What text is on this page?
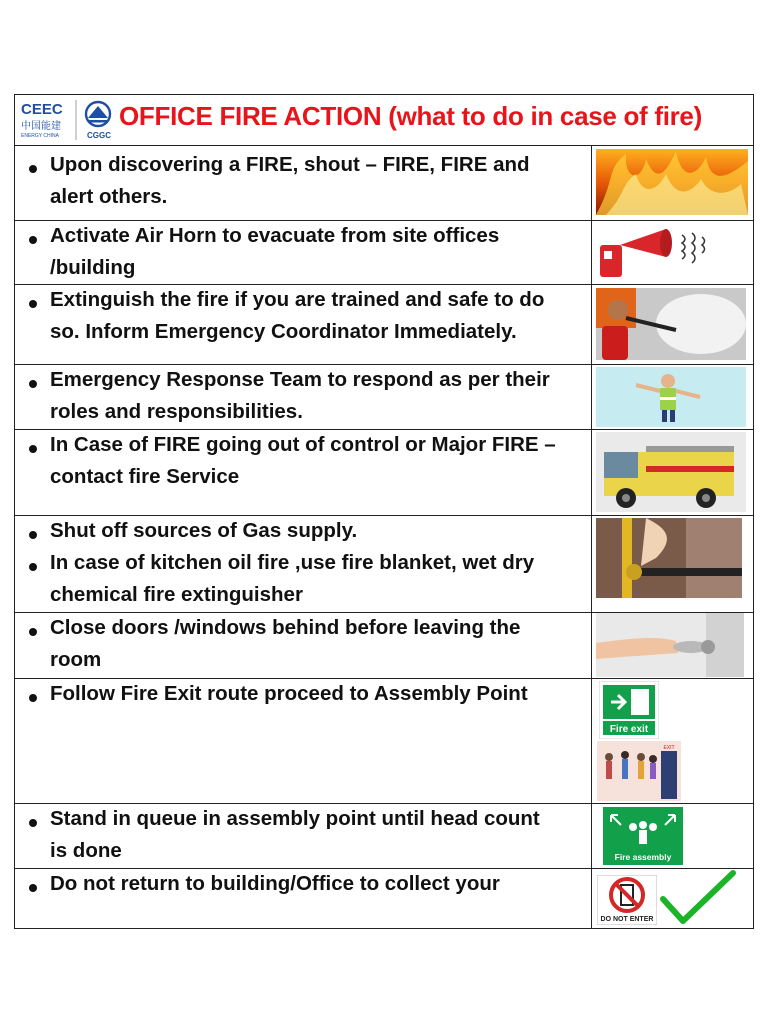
CEEC
中国能建
ENERGY CHINA	CGGC
OFFICE FIRE ACTION (what to do in case of fire)
Upon discovering a FIRE, shout – FIRE, FIRE and
alert others.
Activate Air Horn to evacuate from site offices
/building
Extinguish the fire if you are trained and safe to do
so. Inform Emergency Coordinator Immediately.
Emergency Response Team to respond as per their
roles and responsibilities.
In Case of FIRE going out of control or Major FIRE –
contact fire Service
Shut off sources of Gas supply.
In case of kitchen oil fire ,use fire blanket, wet dry
chemical fire extinguisher
Close doors /windows behind before leaving the
room
Follow Fire Exit route proceed to Assembly Point
Fire exit
EXIT
Stand in queue in assembly point until head count
is done	Fire assembly
Do not return to building/Office to collect your
DO NOT ENTER
